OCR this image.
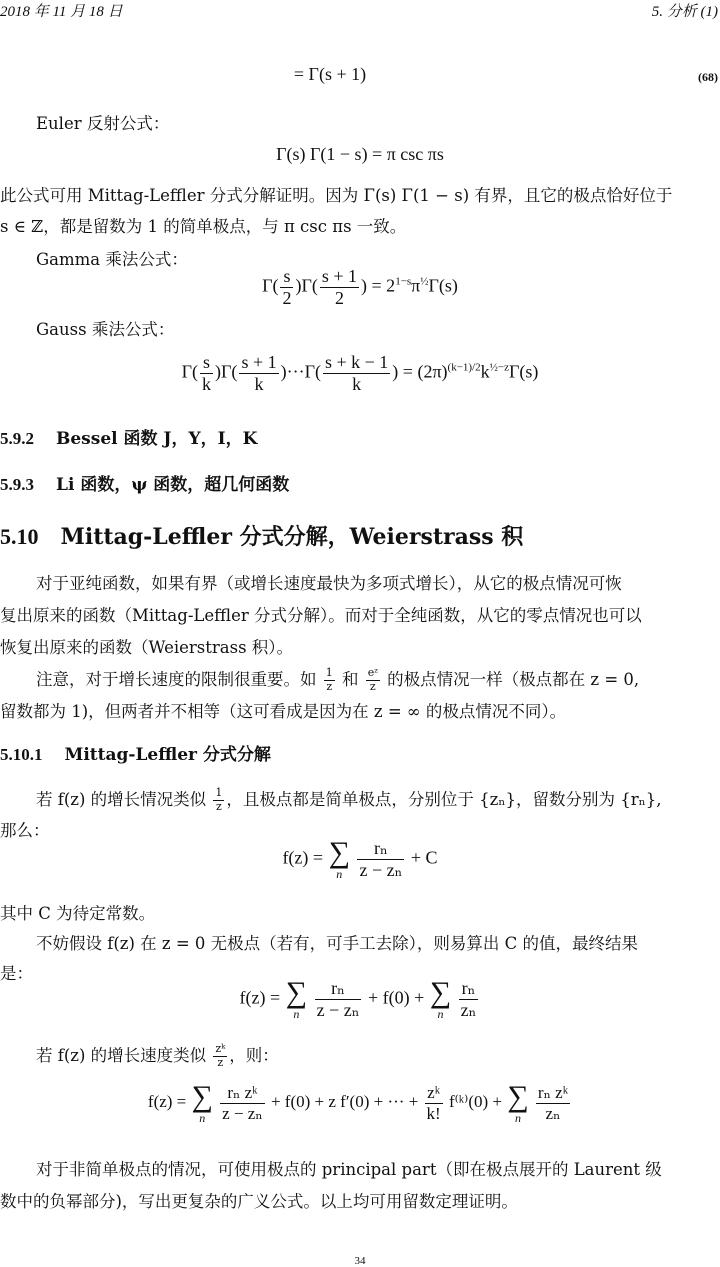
2018 年 11 月 18 日	5. 分析 (1)
= Γ(s + 1)	(68)
Euler 反射公式：
Γ(s) Γ(1 − s) = π csc πs
此公式可用 Mittag-Leffler 分式分解证明。因为 Γ(s) Γ(1 − s) 有界，且它的极点恰好位于
s ∈ ℤ，都是留数为 1 的简单极点，与 π csc πs 一致。
Gamma 乘法公式：
$\Gamma( \frac{s}{2} )\Gamma( \frac{s + 1}{2}$ ) = $2^{1-s}\pi^{\frac{1}{2}}\Gamma(s)$
Gauss 乘法公式：
$\Gamma( \frac{s}{k} )\Gamma( \frac{s + 1}{k} )\cdot\cdot\cdot\Gamma( \frac{s + k - 1}{k}$ ) = $(2\pi)^{(k-1)/2}k^{\frac{1}{2}-z}\Gamma(s)$
5.9.2 Bessel 函数 J，Y，I，K
5.9.3 Li 函数，ψ 函数，超几何函数
5.10 Mittag-Leffler 分式分解，Weierstrass 积
对于亚纯函数，如果有界（或增长速度最快为多项式增长），从它的极点情况可恢
复出原来的函数（Mittag-Leffler 分式分解）。而对于全纯函数，从它的零点情况也可以
恢复出原来的函数（Weierstrass 积）。
注意，对于增长速度的限制很重要。如 $\frac{1}{z}$ 和 $\frac{\text{eᶻ}}{z}$ 的极点情况一样（极点都在 z = 0,
留数都为 1)，但两者并不相等（这可看成是因为在 z = ∞ 的极点情况不同）。
5.10.1 Mittag-Leffler 分式分解
若 f(z) 的增长情况类似 $\frac{1}{z}$ ，且极点都是简单极点，分别位于 {zₙ}，留数分别为 {rₙ},
那么：
f(z) = ∑
n
$\frac{\text{rₙ}}{\text{z − zₙ}} + C$
其中 C 为待定常数。
不妨假设 f(z) 在 z = 0 无极点（若有，可手工去除），则易算出 C 的值，最终结果
是：
f(z) = ∑
n
$\frac{\text{rₙ}}{\text{z − zₙ}} + f(0)$ + ∑
n
$\frac{\text{rₙ}}{\text{zₙ}}$
若 f(z) 的增长速度类似 $\frac{\text{zᵏ}}{z}$ ，则：
f(z) = ∑
n
$\frac{\text{rₙ zᵏ}}{\text{z − zₙ}} + f(0) + z$ f′(0) + ··· + $\frac{\text{zᵏ}}{k!}$ f⁽ᵏ⁾(0) + ∑
n
$\frac{\text{rₙ zᵏ}}{\text{zₙ}}$
对于非简单极点的情况，可使用极点的 principal part（即在极点展开的 Laurent 级
数中的负幂部分)，写出更复杂的广义公式。以上均可用留数定理证明。
34
